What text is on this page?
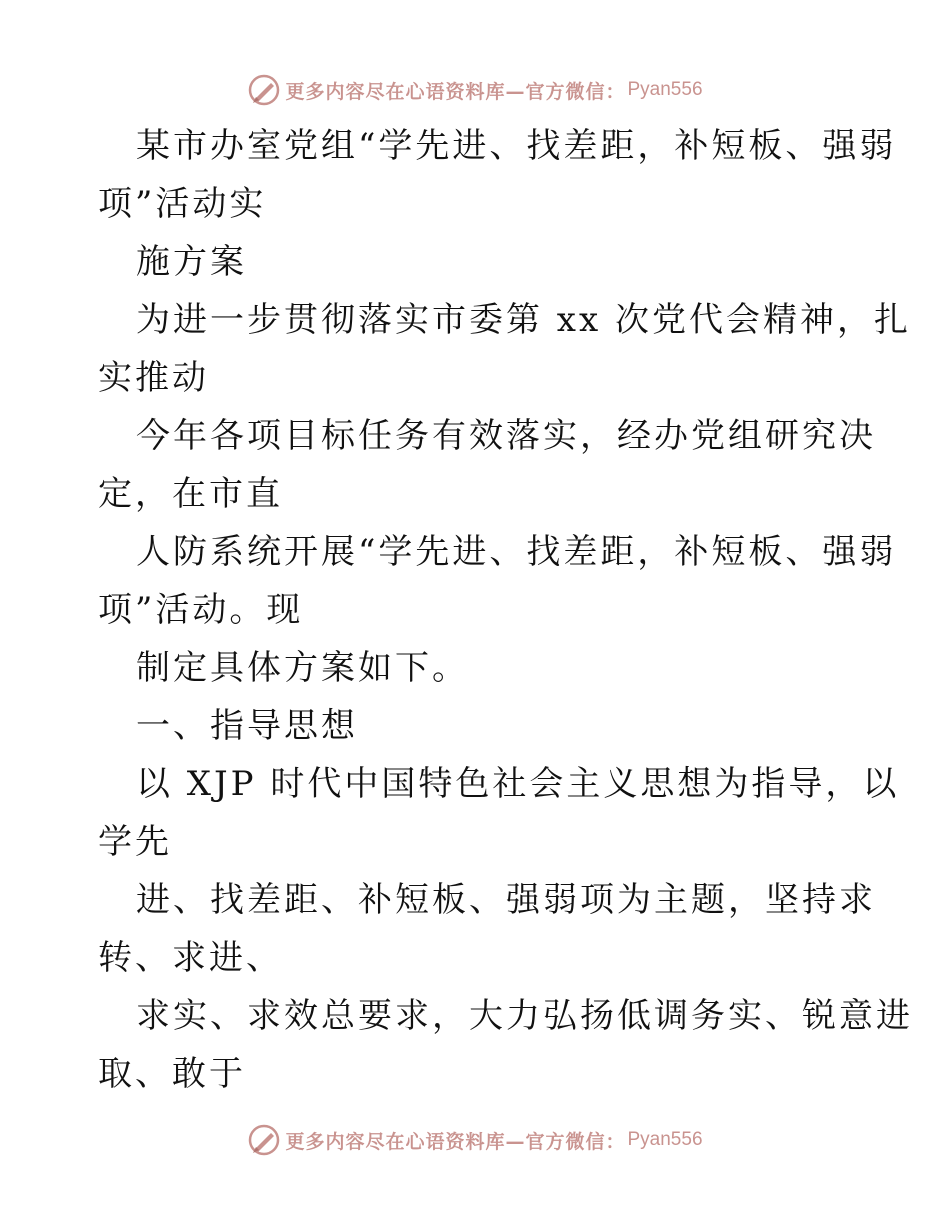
更多内容尽在心语资料库—官方微信： Pyan556
某市办室党组“学先进、找差距，补短板、强弱
项”活动实
施方案
为进一步贯彻落实市委第 xx 次党代会精神，扎
实推动
今年各项目标任务有效落实，经办党组研究决
定，在市直
人防系统开展“学先进、找差距，补短板、强弱
项”活动。现
制定具体方案如下。
一、指导思想
以 XJP 时代中国特色社会主义思想为指导，以
学先
进、找差距、补短板、强弱项为主题，坚持求
转、求进、
求实、求效总要求，大力弘扬低调务实、锐意进
取、敢于
更多内容尽在心语资料库—官方微信： Pyan556
